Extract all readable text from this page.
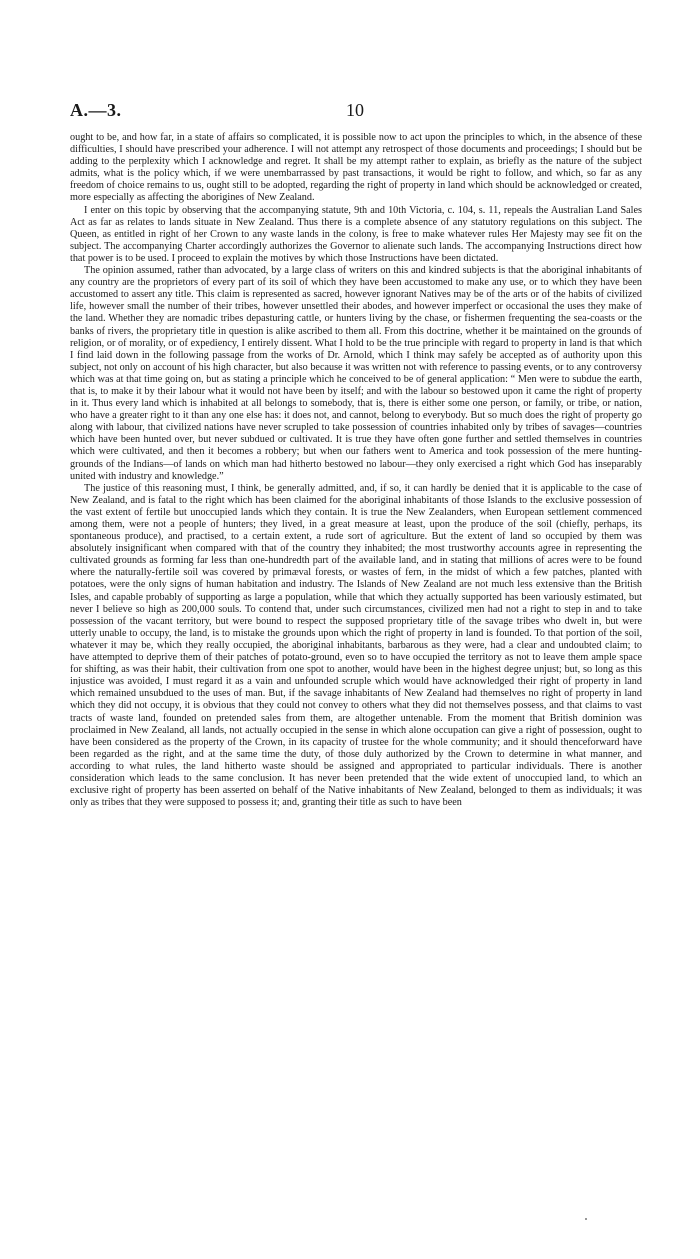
A.—3.	10

ought to be, and how far, in a state of affairs so complicated, it is possible now to act upon the principles to which, in the absence of these difficulties, I should have prescribed your adherence. I will not attempt any retrospect of those documents and proceedings; I should but be adding to the perplexity which I acknowledge and regret. It shall be my attempt rather to explain, as briefly as the nature of the subject admits, what is the policy which, if we were unembarrassed by past transactions, it would be right to follow, and which, so far as any freedom of choice remains to us, ought still to be adopted, regarding the right of property in land which should be acknowledged or created, more especially as affecting the aborigines of New Zealand.

I enter on this topic by observing that the accompanying statute, 9th and 10th Victoria, c. 104, s. 11, repeals the Australian Land Sales Act as far as relates to lands situate in New Zealand. Thus there is a complete absence of any statutory regulations on this subject. The Queen, as entitled in right of her Crown to any waste lands in the colony, is free to make whatever rules Her Majesty may see fit on the subject. The accompanying Charter accordingly authorizes the Governor to alienate such lands. The accompanying Instructions direct how that power is to be used. I proceed to explain the motives by which those Instructions have been dictated.

The opinion assumed, rather than advocated, by a large class of writers on this and kindred subjects is that the aboriginal inhabitants of any country are the proprietors of every part of its soil of which they have been accustomed to make any use, or to which they have been accustomed to assert any title. This claim is represented as sacred, however ignorant Natives may be of the arts or of the habits of civilized life, however small the number of their tribes, however unsettled their abodes, and however imperfect or occasional the uses they make of the land. Whether they are nomadic tribes depasturing cattle, or hunters living by the chase, or fishermen frequenting the sea-coasts or the banks of rivers, the proprietary title in question is alike ascribed to them all. From this doctrine, whether it be maintained on the grounds of religion, or of morality, or of expediency, I entirely dissent. What I hold to be the true principle with regard to property in land is that which I find laid down in the following passage from the works of Dr. Arnold, which I think may safely be accepted as of authority upon this subject, not only on account of his high character, but also because it was written not with reference to passing events, or to any controversy which was at that time going on, but as stating a principle which he conceived to be of general application: “ Men were to subdue the earth, that is, to make it by their labour what it would not have been by itself; and with the labour so bestowed upon it came the right of property in it. Thus every land which is inhabited at all belongs to somebody, that is, there is either some one person, or family, or tribe, or nation, who have a greater right to it than any one else has: it does not, and cannot, belong to everybody. But so much does the right of property go along with labour, that civilized nations have never scrupled to take possession of countries inhabited only by tribes of savages—countries which have been hunted over, but never subdued or cultivated. It is true they have often gone further and settled themselves in countries which were cultivated, and then it becomes a robbery; but when our fathers went to America and took possession of the mere hunting-grounds of the Indians—of lands on which man had hitherto bestowed no labour—they only exercised a right which God has inseparably united with industry and knowledge.”

The justice of this reasoning must, I think, be generally admitted, and, if so, it can hardly be denied that it is applicable to the case of New Zealand, and is fatal to the right which has been claimed for the aboriginal inhabitants of those Islands to the exclusive possession of the vast extent of fertile but unoccupied lands which they contain. It is true the New Zealanders, when European settlement commenced among them, were not a people of hunters; they lived, in a great measure at least, upon the produce of the soil (chiefly, perhaps, its spontaneous produce), and practised, to a certain extent, a rude sort of agriculture. But the extent of land so occupied by them was absolutely insignificant when compared with that of the country they inhabited; the most trustworthy accounts agree in representing the cultivated grounds as forming far less than one-hundredth part of the available land, and in stating that millions of acres were to be found where the naturally-fertile soil was covered by primæval forests, or wastes of fern, in the midst of which a few patches, planted with potatoes, were the only signs of human habitation and industry. The Islands of New Zealand are not much less extensive than the British Isles, and capable probably of supporting as large a population, while that which they actually supported has been variously estimated, but never I believe so high as 200,000 souls. To contend that, under such circumstances, civilized men had not a right to step in and to take possession of the vacant territory, but were bound to respect the supposed proprietary title of the savage tribes who dwelt in, but were utterly unable to occupy, the land, is to mistake the grounds upon which the right of property in land is founded. To that portion of the soil, whatever it may be, which they really occupied, the aboriginal inhabitants, barbarous as they were, had a clear and undoubted claim; to have attempted to deprive them of their patches of potato-ground, even so to have occupied the territory as not to leave them ample space for shifting, as was their habit, their cultivation from one spot to another, would have been in the highest degree unjust; but, so long as this injustice was avoided, I must regard it as a vain and unfounded scruple which would have acknowledged their right of property in land which remained unsubdued to the uses of man. But, if the savage inhabitants of New Zealand had themselves no right of property in land which they did not occupy, it is obvious that they could not convey to others what they did not themselves possess, and that claims to vast tracts of waste land, founded on pretended sales from them, are altogether untenable. From the moment that British dominion was proclaimed in New Zealand, all lands, not actually occupied in the sense in which alone occupation can give a right of possession, ought to have been considered as the property of the Crown, in its capacity of trustee for the whole community; and it should thenceforward have been regarded as the right, and at the same time the duty, of those duly authorized by the Crown to determine in what manner, and according to what rules, the land hitherto waste should be assigned and appropriated to particular individuals. There is another consideration which leads to the same conclusion. It has never been pretended that the wide extent of unoccupied land, to which an exclusive right of property has been asserted on behalf of the Native inhabitants of New Zealand, belonged to them as individuals; it was only as tribes that they were supposed to possess it; and, granting their title as such to have been
